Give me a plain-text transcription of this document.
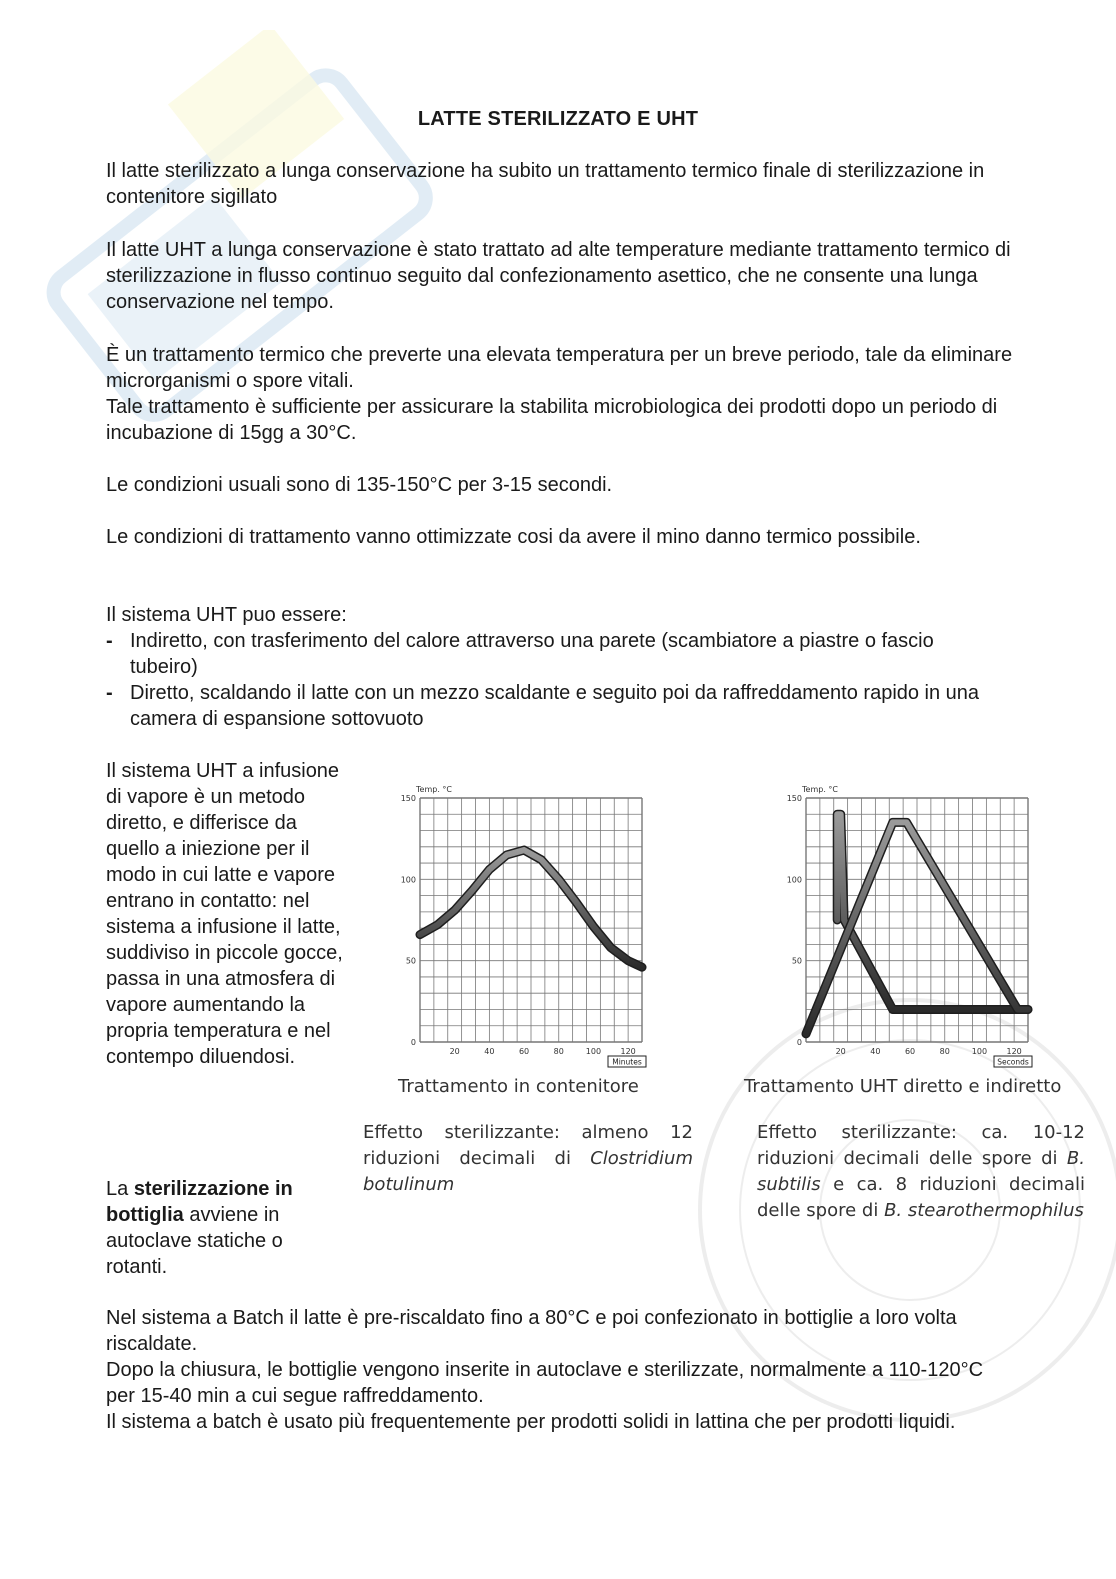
LATTE STERILIZZATO E UHT

Il latte sterilizzato a lunga conservazione ha subito un trattamento termico finale di sterilizzazione in contenitore sigillato

Il latte UHT a lunga conservazione è stato trattato ad alte temperature mediante trattamento termico di sterilizzazione in flusso continuo seguito dal confezionamento asettico, che ne consente una lunga conservazione nel tempo.

È un trattamento termico che preverte una elevata temperatura per un breve periodo, tale da eliminare microrganismi o spore vitali.

Tale trattamento è sufficiente per assicurare la stabilita microbiologica dei prodotti dopo un periodo di incubazione di 15gg a 30°C.

Le condizioni usuali sono di 135-150°C per 3-15 secondi.

Le condizioni di trattamento vanno ottimizzate cosi da avere il mino danno termico possibile.

Il sistema UHT puo essere:

- Indiretto, con trasferimento del calore attraverso una parete (scambiatore a piastre o fascio tubeiro)
- Diretto, scaldando il latte con un mezzo scaldante e seguito poi da raffreddamento rapido in una camera di espansione sottovuoto

Il sistema UHT a infusione di vapore è un metodo diretto, e differisce da quello a iniezione per il modo in cui latte e vapore entrano in contatto: nel sistema a infusione il latte, suddiviso in piccole gocce, passa in una atmosfera di vapore aumentando la propria temperatura e nel contempo diluendosi.

La sterilizzazione in bottiglia avviene in autoclave statiche o rotanti.

Temp. °C
0
50
100
150
20	40	60	80	100 120
Minutes
Trattamento in contenitore

Effetto sterilizzante: almeno 12 riduzioni decimali di Clostridium botulinum

Temp. °C
0
50
100
150
20	40	60	80	100 120
Seconds
Trattamento UHT diretto e indiretto

Effetto sterilizzante: ca. 10-12 riduzioni decimali delle spore di B. subtilis e ca. 8 riduzioni decimali delle spore di B. stearothermophilus

Nel sistema a Batch il latte è pre-riscaldato fino a 80°C e poi confezionato in bottiglie a loro volta riscaldate.

Dopo la chiusura, le bottiglie vengono inserite in autoclave e sterilizzate, normalmente a 110-120°C per 15-40 min a cui segue raffreddamento.

Il sistema a batch è usato più frequentemente per prodotti solidi in lattina che per prodotti liquidi.
